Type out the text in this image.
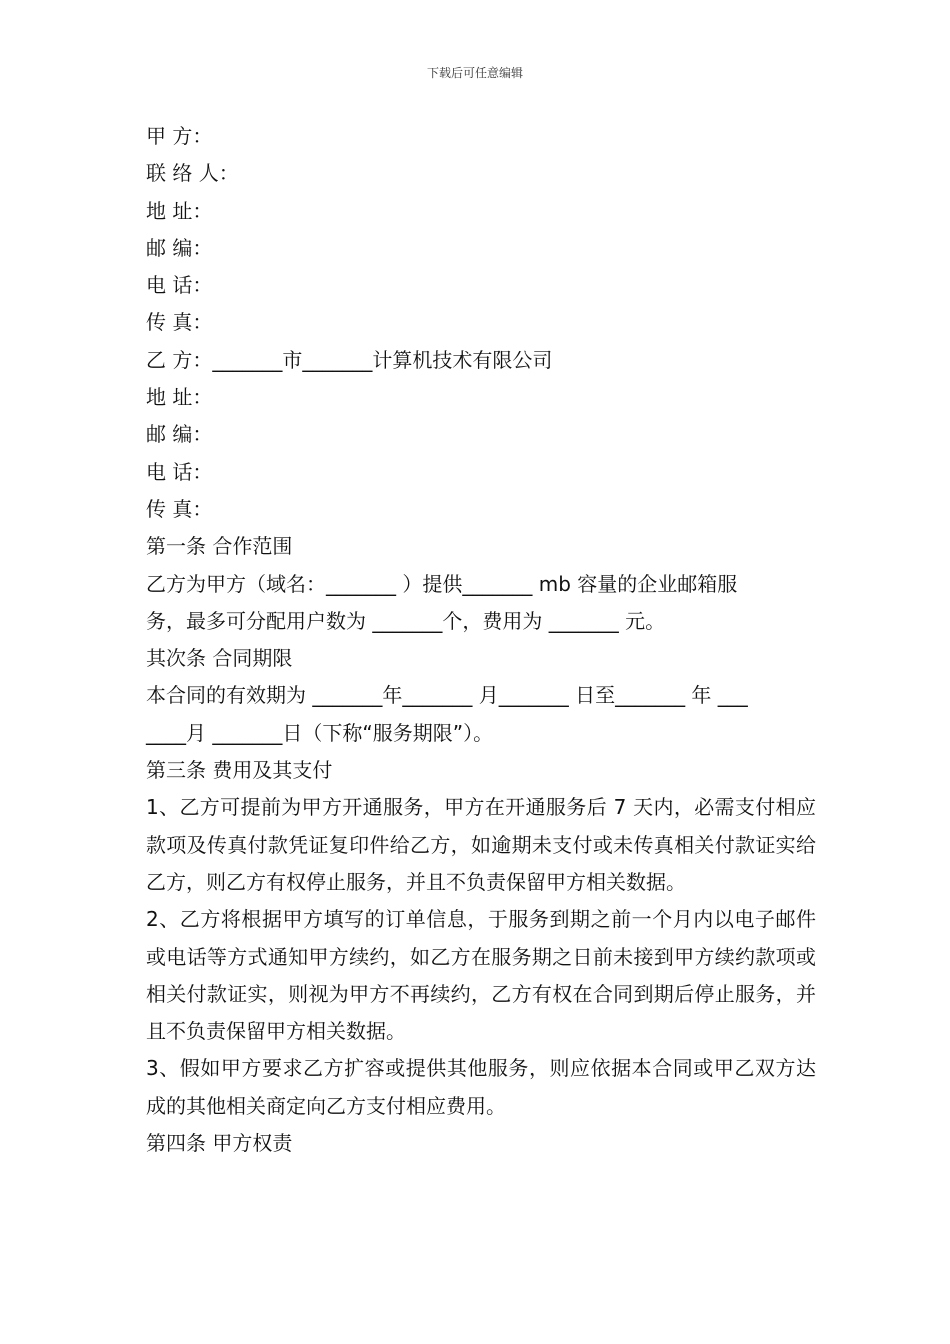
下载后可任意编辑
甲 方：
联 络 人：
地 址：
邮 编：
电 话：
传 真：
乙 方：_______市_______计算机技术有限公司
地 址：
邮 编：
电 话：
传 真：
第一条 合作范围
乙方为甲方（域名：_______ ）提供_______ mb 容量的企业邮箱服
务，最多可分配用户数为 _______个，费用为 _______ 元。
其次条 合同期限
本合同的有效期为 _______年_______ 月_______ 日至_______ 年 ___
____月 _______日（下称“服务期限”）。
第三条 费用及其支付
1、乙方可提前为甲方开通服务，甲方在开通服务后 7 天内，必需支付相应款项及传真付款凭证复印件给乙方，如逾期未支付或未传真相关付款证实给乙方，则乙方有权停止服务，并且不负责保留甲方相关数据。
2、乙方将根据甲方填写的订单信息，于服务到期之前一个月内以电子邮件或电话等方式通知甲方续约，如乙方在服务期之日前未接到甲方续约款项或相关付款证实，则视为甲方不再续约，乙方有权在合同到期后停止服务，并且不负责保留甲方相关数据。
3、假如甲方要求乙方扩容或提供其他服务，则应依据本合同或甲乙双方达成的其他相关商定向乙方支付相应费用。
第四条 甲方权责
